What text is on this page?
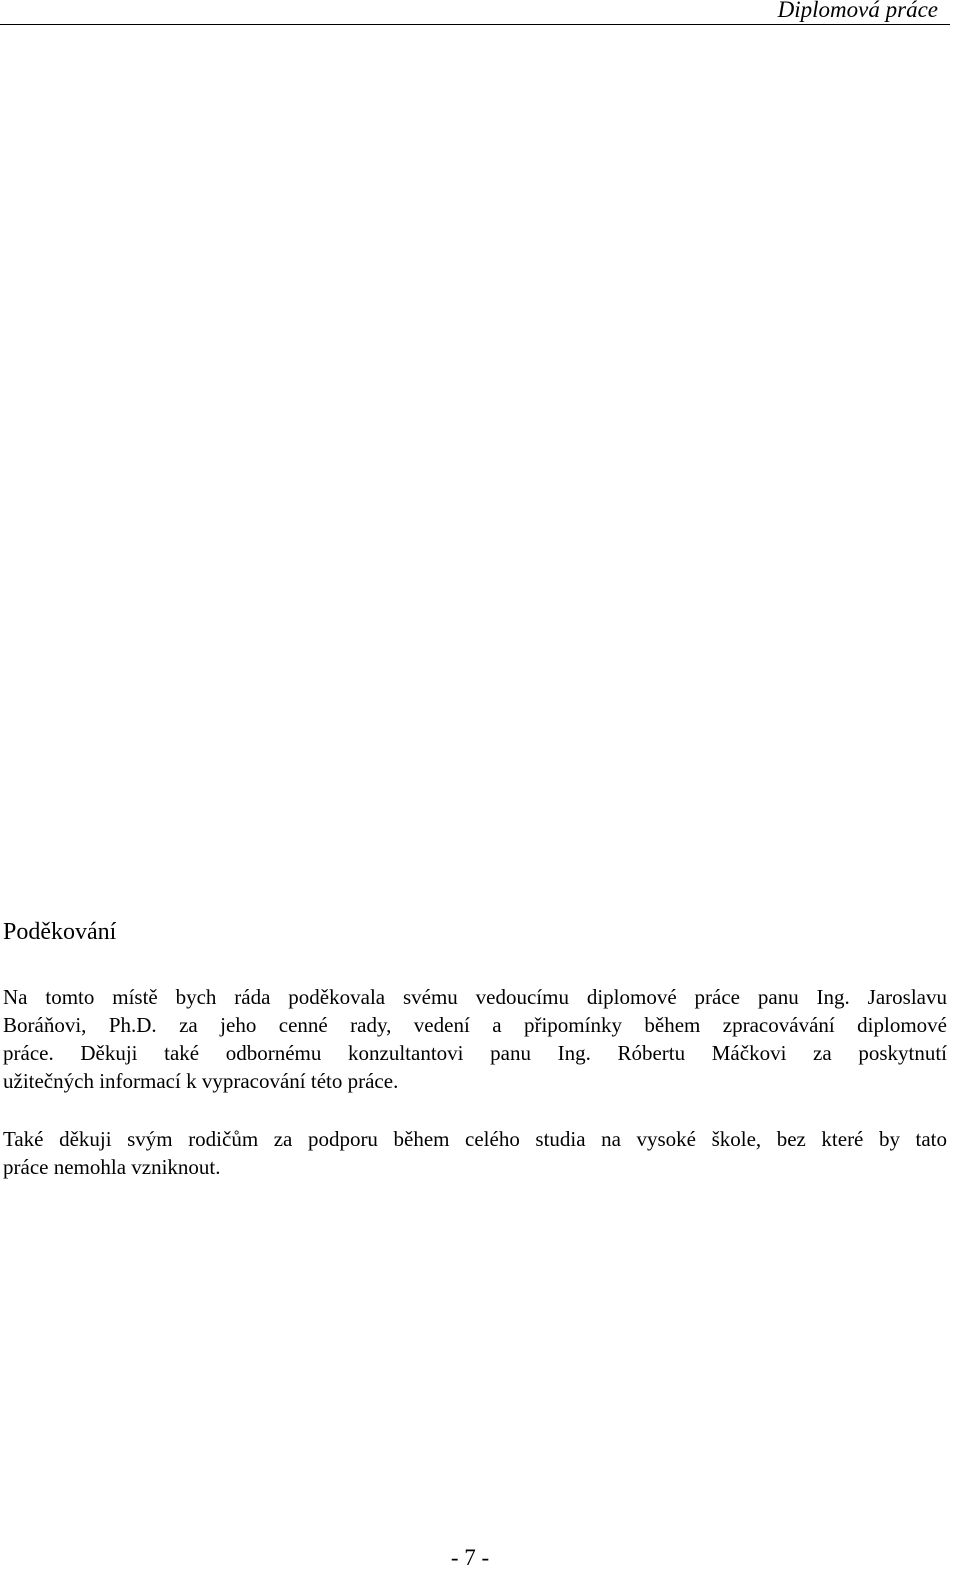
Diplomová práce
Poděkování
Na tomto místě bych ráda poděkovala svému vedoucímu diplomové práce panu Ing. Jaroslavu
Boráňovi, Ph.D. za jeho cenné rady, vedení a připomínky během zpracovávání diplomové
práce. Děkuji také odbornému konzultantovi panu Ing. Róbertu Máčkovi za poskytnutí
užitečných informací k vypracování této práce.
Také děkuji svým rodičům za podporu během celého studia na vysoké škole, bez které by tato
práce nemohla vzniknout.
- 7 -
